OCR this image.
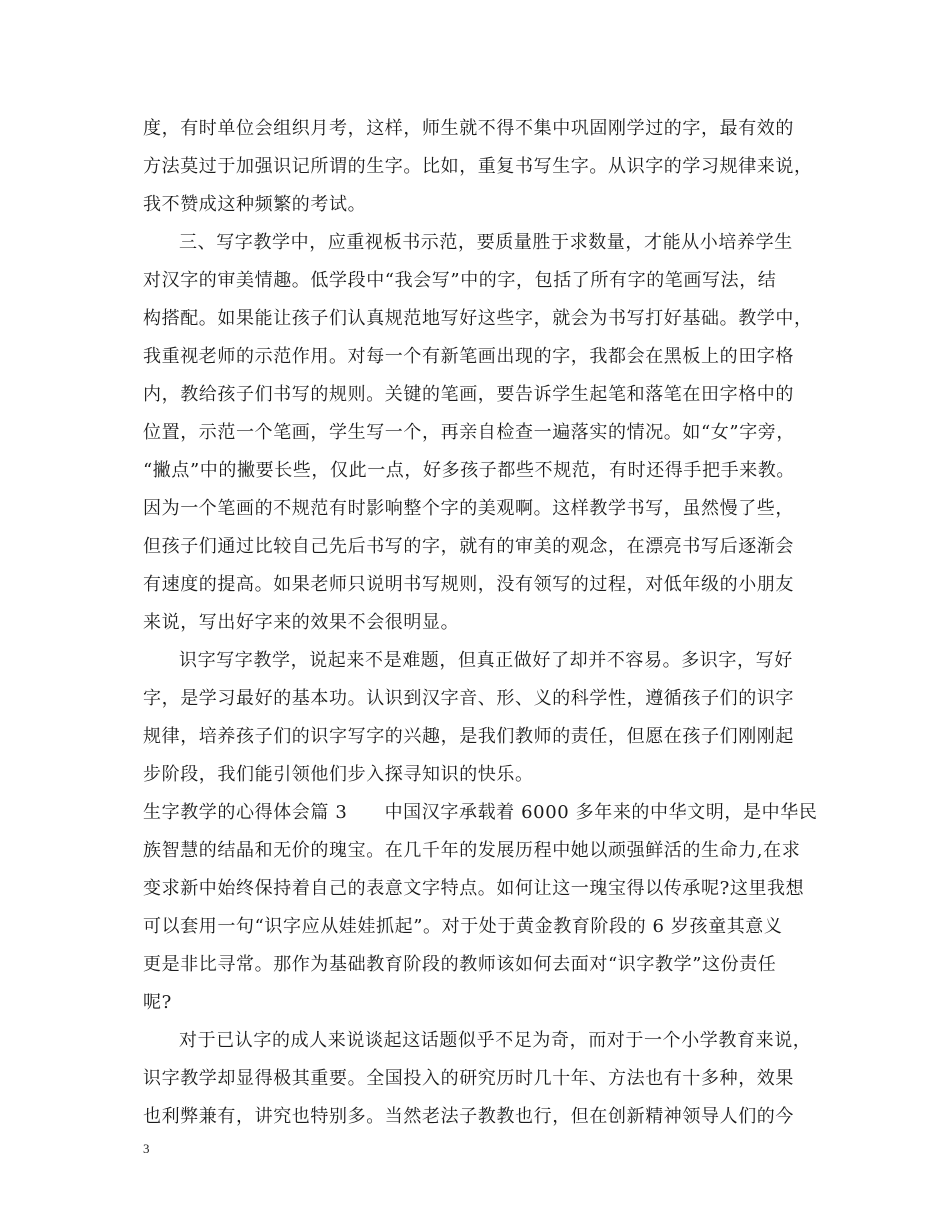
度，有时单位会组织月考，这样，师生就不得不集中巩固刚学过的字，最有效的
方法莫过于加强识记所谓的生字。比如，重复书写生字。从识字的学习规律来说，
我不赞成这种频繁的考试。
三、写字教学中，应重视板书示范，要质量胜于求数量，才能从小培养学生
对汉字的审美情趣。低学段中“我会写”中的字，包括了所有字的笔画写法，结
构搭配。如果能让孩子们认真规范地写好这些字，就会为书写打好基础。教学中，
我重视老师的示范作用。对每一个有新笔画出现的字，我都会在黑板上的田字格
内，教给孩子们书写的规则。关键的笔画，要告诉学生起笔和落笔在田字格中的
位置，示范一个笔画，学生写一个，再亲自检查一遍落实的情况。如“女”字旁，
“撇点”中的撇要长些，仅此一点，好多孩子都些不规范，有时还得手把手来教。
因为一个笔画的不规范有时影响整个字的美观啊。这样教学书写，虽然慢了些，
但孩子们通过比较自己先后书写的字，就有的审美的观念，在漂亮书写后逐渐会
有速度的提高。如果老师只说明书写规则，没有领写的过程，对低年级的小朋友
来说，写出好字来的效果不会很明显。
识字写字教学，说起来不是难题，但真正做好了却并不容易。多识字，写好
字，是学习最好的基本功。认识到汉字音、形、义的科学性，遵循孩子们的识字
规律，培养孩子们的识字写字的兴趣，是我们教师的责任，但愿在孩子们刚刚起
步阶段，我们能引领他们步入探寻知识的快乐。
生字教学的心得体会篇 3　　中国汉字承载着 6000 多年来的中华文明，是中华民
族智慧的结晶和无价的瑰宝。在几千年的发展历程中她以顽强鲜活的生命力,在求
变求新中始终保持着自己的表意文字特点。如何让这一瑰宝得以传承呢?这里我想
可以套用一句“识字应从娃娃抓起”。对于处于黄金教育阶段的 6 岁孩童其意义
更是非比寻常。那作为基础教育阶段的教师该如何去面对“识字教学”这份责任
呢?
对于已认字的成人来说谈起这话题似乎不足为奇，而对于一个小学教育来说，
识字教学却显得极其重要。全国投入的研究历时几十年、方法也有十多种，效果
也利弊兼有，讲究也特别多。当然老法子教教也行，但在创新精神领导人们的今
3
